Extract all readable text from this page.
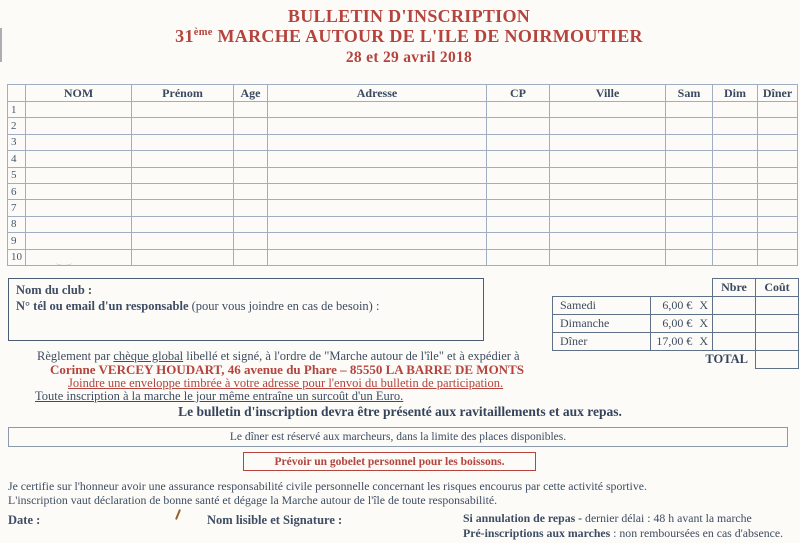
BULLETIN D'INSCRIPTION
31ème MARCHE AUTOUR DE L'ILE DE NOIRMOUTIER
28 et 29 avril 2018
	NOM	Prénom	Age	Adresse	CP	Ville	Sam	Dim	Dîner
1									
2									
3									
4									
5									
6									
7									
8									
9									
10									
Nom du club :
N° tél ou email d'un responsable (pour vous joindre en cas de besoin) :
		Nbre	Coût
Samedi	6,00 € X		
Dimanche	6,00 € X		
Dîner	17,00 € X		
	TOTAL		
Règlement par chèque global libellé et signé, à l'ordre de "Marche autour de l'île" et à expédier à
Corinne VERCEY HOUDART, 46 avenue du Phare – 85550 LA BARRE DE MONTS
Joindre une enveloppe timbrée à votre adresse pour l'envoi du bulletin de participation.
Toute inscription à la marche le jour même entraîne un surcoût d'un Euro.
Le bulletin d'inscription devra être présenté aux ravitaillements et aux repas.
Le dîner est réservé aux marcheurs, dans la limite des places disponibles.
Prévoir un gobelet personnel pour les boissons.
Je certifie sur l'honneur avoir une assurance responsabilité civile personnelle concernant les risques encourus par cette activité sportive.
L'inscription vaut déclaration de bonne santé et dégage la Marche autour de l'île de toute responsabilité.
Date :	Nom lisible et Signature :	Si annulation de repas - dernier délai : 48 h avant la marche
Pré-inscriptions aux marches : non remboursées en cas d'absence.
